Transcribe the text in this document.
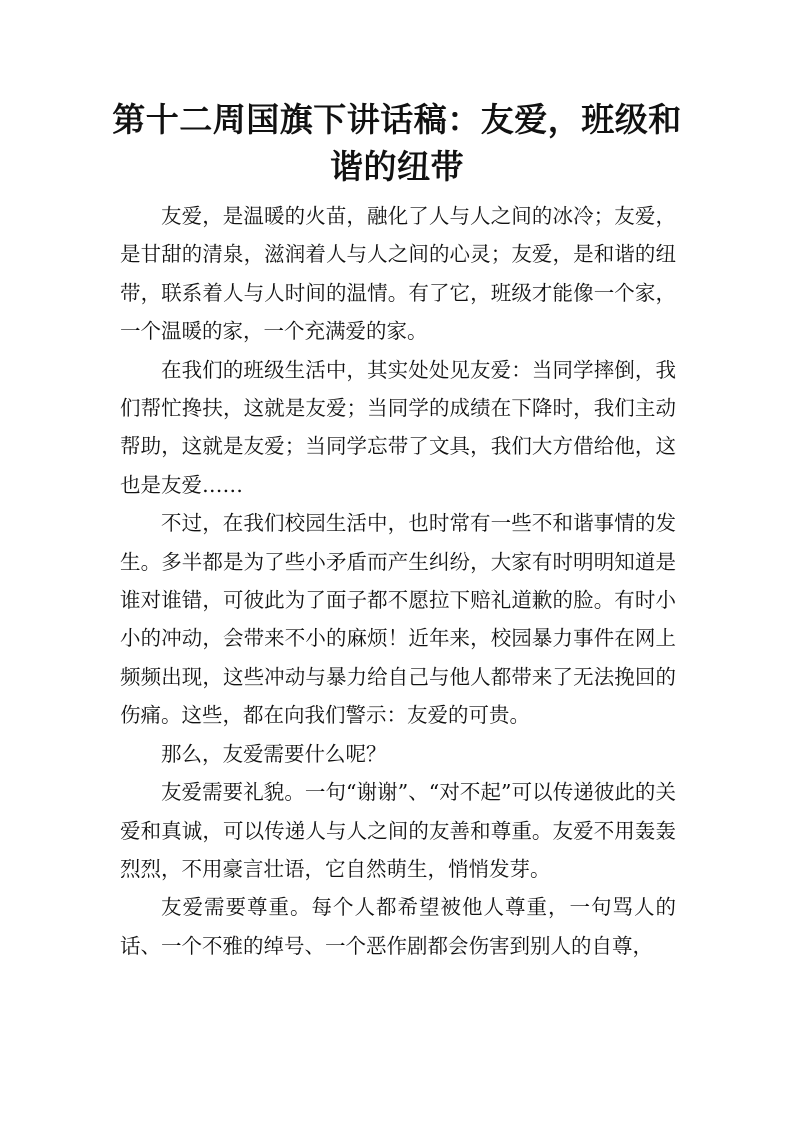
第十二周国旗下讲话稿：友爱，班级和谐的纽带

友爱，是温暖的火苗，融化了人与人之间的冰冷；友爱，是甘甜的清泉，滋润着人与人之间的心灵；友爱，是和谐的纽带，联系着人与人时间的温情。有了它，班级才能像一个家，一个温暖的家，一个充满爱的家。

在我们的班级生活中，其实处处见友爱：当同学摔倒，我们帮忙搀扶，这就是友爱；当同学的成绩在下降时，我们主动帮助，这就是友爱；当同学忘带了文具，我们大方借给他，这也是友爱……

不过，在我们校园生活中，也时常有一些不和谐事情的发生。多半都是为了些小矛盾而产生纠纷，大家有时明明知道是谁对谁错，可彼此为了面子都不愿拉下赔礼道歉的脸。有时小小的冲动，会带来不小的麻烦！近年来，校园暴力事件在网上频频出现，这些冲动与暴力给自己与他人都带来了无法挽回的伤痛。这些，都在向我们警示：友爱的可贵。

那么，友爱需要什么呢？

友爱需要礼貌。一句“谢谢”、“对不起”可以传递彼此的关爱和真诚，可以传递人与人之间的友善和尊重。友爱不用轰轰烈烈，不用豪言壮语，它自然萌生，悄悄发芽。

友爱需要尊重。每个人都希望被他人尊重，一句骂人的话、一个不雅的绰号、一个恶作剧都会伤害到别人的自尊，
